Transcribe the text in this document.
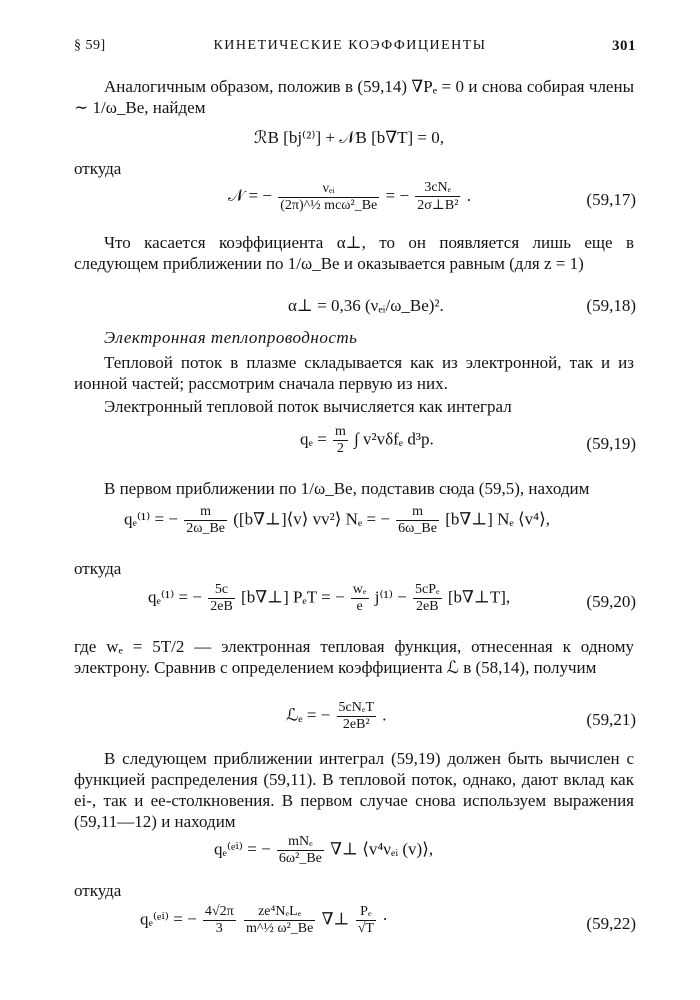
§ 59]	КИНЕТИЧЕСКИЕ КОЭФФИЦИЕНТЫ	301
Аналогичным образом, положив в (59,14) ∇Pₑ = 0 и снова собирая члены ∼ 1/ω_Be, найдем
ℛB [bj⁽²⁾] + 𝒩B [b∇T] = 0,
откуда
𝒩 = − $\frac{\text{νₑᵢ}}{\text{(2π)\textasciicircum{}½ mcω²\_Be}}$ = − $\frac{\text{3cNₑ}}{\text{2σ⊥B²}}$ .	(59,17)
Что касается коэффициента α⊥, то он появляется лишь еще в следующем приближении по 1/ω_Be и оказывается равным (для z = 1)
α⊥ = 0,36 (νₑᵢ/ω_Be)².	(59,18)
Электронная теплопроводность
Тепловой поток в плазме складывается как из электронной, так и из ионной частей; рассмотрим сначала первую из них.
Электронный тепловой поток вычисляется как интеграл
$q_e = \frac{m}{2}$ ∫ v²vδfₑ d³p.	(59,19)
В первом приближении по 1/ω_Be, подставив сюда (59,5), находим
qₑ⁽¹⁾ = − $\frac{m}{2\omega\_Be}$ ([b∇⊥]⟨v⟩ vv²⟩ Nₑ = − $\frac{m}{6\omega\_Be}$ [b∇⊥] Nₑ ⟨v⁴⟩,
откуда
qₑ⁽¹⁾ = − $\frac{5c}{2eB}$ [b∇⊥] PₑT = − $\frac{\text{wₑ}}{e} j^{(1)} - \frac{\text{5cPₑ}}{2eB}$ [b∇⊥T],	(59,20)
где wₑ = 5T/2 — электронная тепловая функция, отнесенная к одному электрону. Сравнив с определением коэффициента ℒ в (58,14), получим
ℒₑ = − $\frac{\text{5cNₑT}}{\text{2eB²}}$ .	(59,21)
В следующем приближении интеграл (59,19) должен быть вычислен с функцией распределения (59,11). В тепловой поток, однако, дают вклад как ei-, так и ee-столкновения. В первом случае снова используем выражения (59,11—12) и находим
qₑ⁽ᵉⁱ⁾ = − $\frac{\text{mNₑ}}{\text{6ω²\_Be}}$ ∇⊥ ⟨v⁴νₑᵢ (v)⟩,
откуда
qₑ⁽ᵉⁱ⁾ = − $\frac{4√2\pi}{3}$
$\frac{\text{ze⁴NₑLₑ}}{\text{m\textasciicircum{}½ ω²\_Be}}$ ∇⊥ $\frac{\text{Pₑ}}{√T}$ ·	(59,22)
